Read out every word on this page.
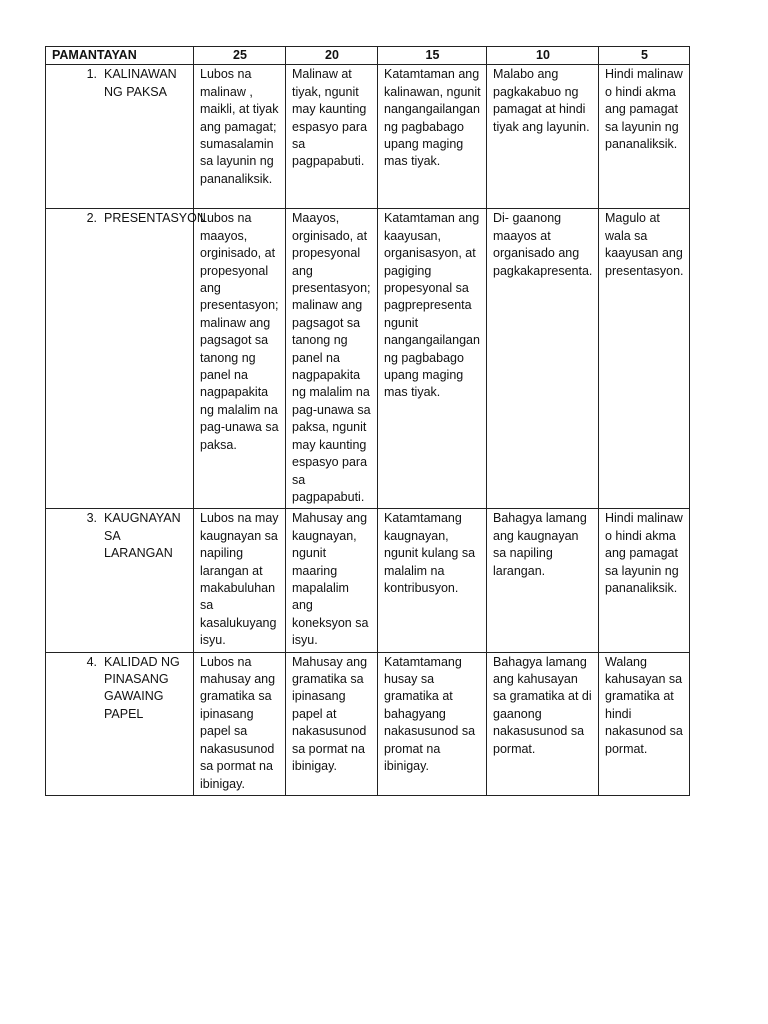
PAMANTAYAN	25	20	15	10	5

1. KALINAWAN NG PAKSA	Lubos na malinaw , maikli, at tiyak ang pamagat; sumasalamin sa layunin ng pananaliksik.	Malinaw at tiyak, ngunit may kaunting espasyo para sa pagpapabuti.	Katamtaman ang kalinawan, ngunit nangangailangan ng pagbabago upang maging mas tiyak.	Malabo ang pagkakabuo ng pamagat at hindi tiyak ang layunin.	Hindi malinaw o hindi akma ang pamagat sa layunin ng pananaliksik.

2. PRESENTASYON	Lubos na maayos, orginisado, at propesyonal ang presentasyon; malinaw ang pagsagot sa tanong ng panel na nagpapakita ng malalim na pag-unawa sa paksa.	Maayos, orginisado, at propesyonal ang presentasyon; malinaw ang pagsagot sa tanong ng panel na nagpapakita ng malalim na pag-unawa sa paksa, ngunit may kaunting espasyo para sa pagpapabuti.	Katamtaman ang kaayusan, organisasyon, at pagiging propesyonal sa pagprepresenta ngunit nangangailangan ng pagbabago upang maging mas tiyak.	Di- gaanong maayos at organisado ang pagkakapresenta.	Magulo at wala sa kaayusan ang presentasyon.

3. KAUGNAYAN SA LARANGAN	Lubos na may kaugnayan sa napiling larangan at makabuluhan sa kasalukuyang isyu.	Mahusay ang kaugnayan, ngunit maaring mapalalim ang koneksyon sa isyu.	Katamtamang kaugnayan, ngunit kulang sa malalim na kontribusyon.	Bahagya lamang ang kaugnayan sa napiling larangan.	Hindi malinaw o hindi akma ang pamagat sa layunin ng pananaliksik.

4. KALIDAD NG PINASANG GAWAING PAPEL	Lubos na mahusay ang gramatika sa ipinasang papel sa nakasusunod sa pormat na ibinigay.	Mahusay ang gramatika sa ipinasang papel at nakasusunod sa pormat na ibinigay.	Katamtamang husay sa gramatika at bahagyang nakasusunod sa promat na ibinigay.	Bahagya lamang ang kahusayan sa gramatika at di gaanong nakasusunod sa pormat.	Walang kahusayan sa gramatika at hindi nakasunod sa pormat.
